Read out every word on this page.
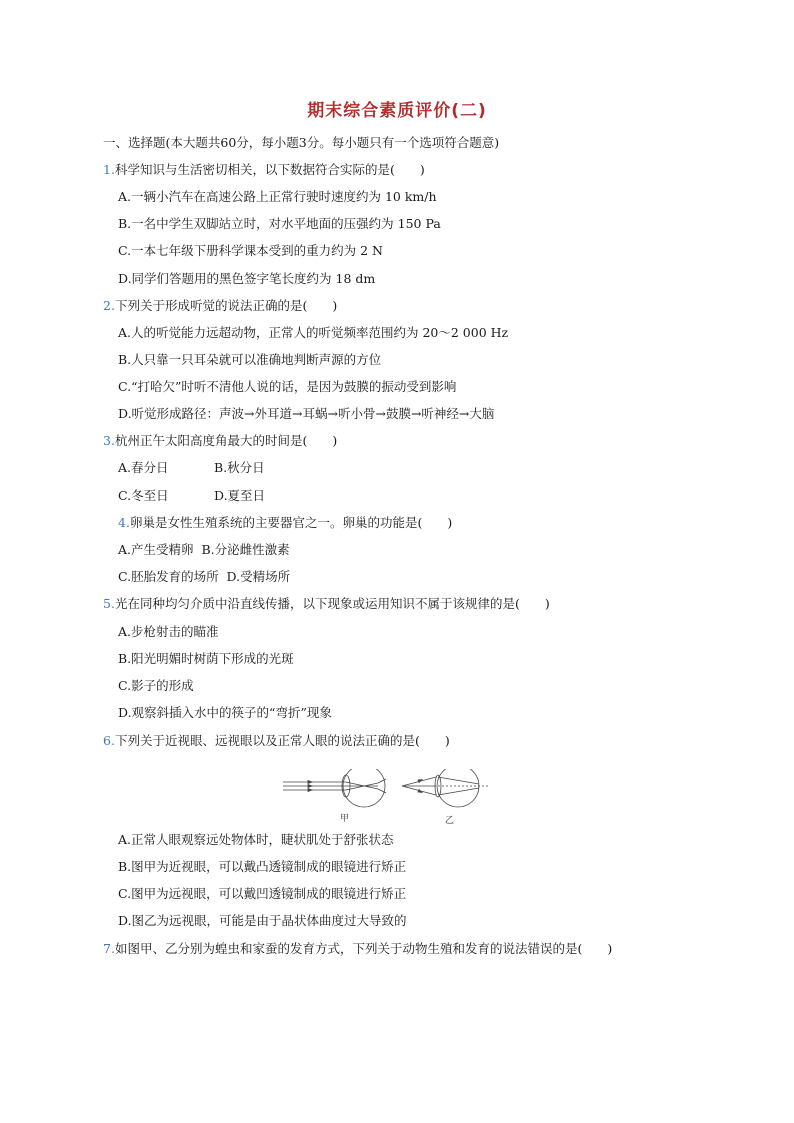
期末综合素质评价(二)
一、选择题(本大题共60分，每小题3分。每小题只有一个选项符合题意)
1.科学知识与生活密切相关，以下数据符合实际的是(　　)
A.一辆小汽车在高速公路上正常行驶时速度约为 10 km/h
B.一名中学生双脚站立时，对水平地面的压强约为 150 Pa
C.一本七年级下册科学课本受到的重力约为 2 N
D.同学们答题用的黑色签字笔长度约为 18 dm
2.下列关于形成听觉的说法正确的是(　　)
A.人的听觉能力远超动物，正常人的听觉频率范围约为 20～2 000 Hz
B.人只靠一只耳朵就可以准确地判断声源的方位
C.“打哈欠”时听不清他人说的话，是因为鼓膜的振动受到影响
D.听觉形成路径：声波→外耳道→耳蜗→听小骨→鼓膜→听神经→大脑
3.杭州正午太阳高度角最大的时间是(　　)
A.春分日	B.秋分日
C.冬至日	D.夏至日
4.卵巢是女性生殖系统的主要器官之一。卵巢的功能是(　　)
A.产生受精卵 B.分泌雌性激素
C.胚胎发育的场所 D.受精场所
5.光在同种均匀介质中沿直线传播，以下现象或运用知识不属于该规律的是(　　)
A.步枪射击的瞄准
B.阳光明媚时树荫下形成的光斑
C.影子的形成
D.观察斜插入水中的筷子的“弯折”现象
6.下列关于近视眼、远视眼以及正常人眼的说法正确的是(　　)
甲	乙
A.正常人眼观察远处物体时，睫状肌处于舒张状态
B.图甲为近视眼，可以戴凸透镜制成的眼镜进行矫正
C.图甲为远视眼，可以戴凹透镜制成的眼镜进行矫正
D.图乙为远视眼，可能是由于晶状体曲度过大导致的
7.如图甲、乙分别为蝗虫和家蚕的发育方式，下列关于动物生殖和发育的说法错误的是(　　)
